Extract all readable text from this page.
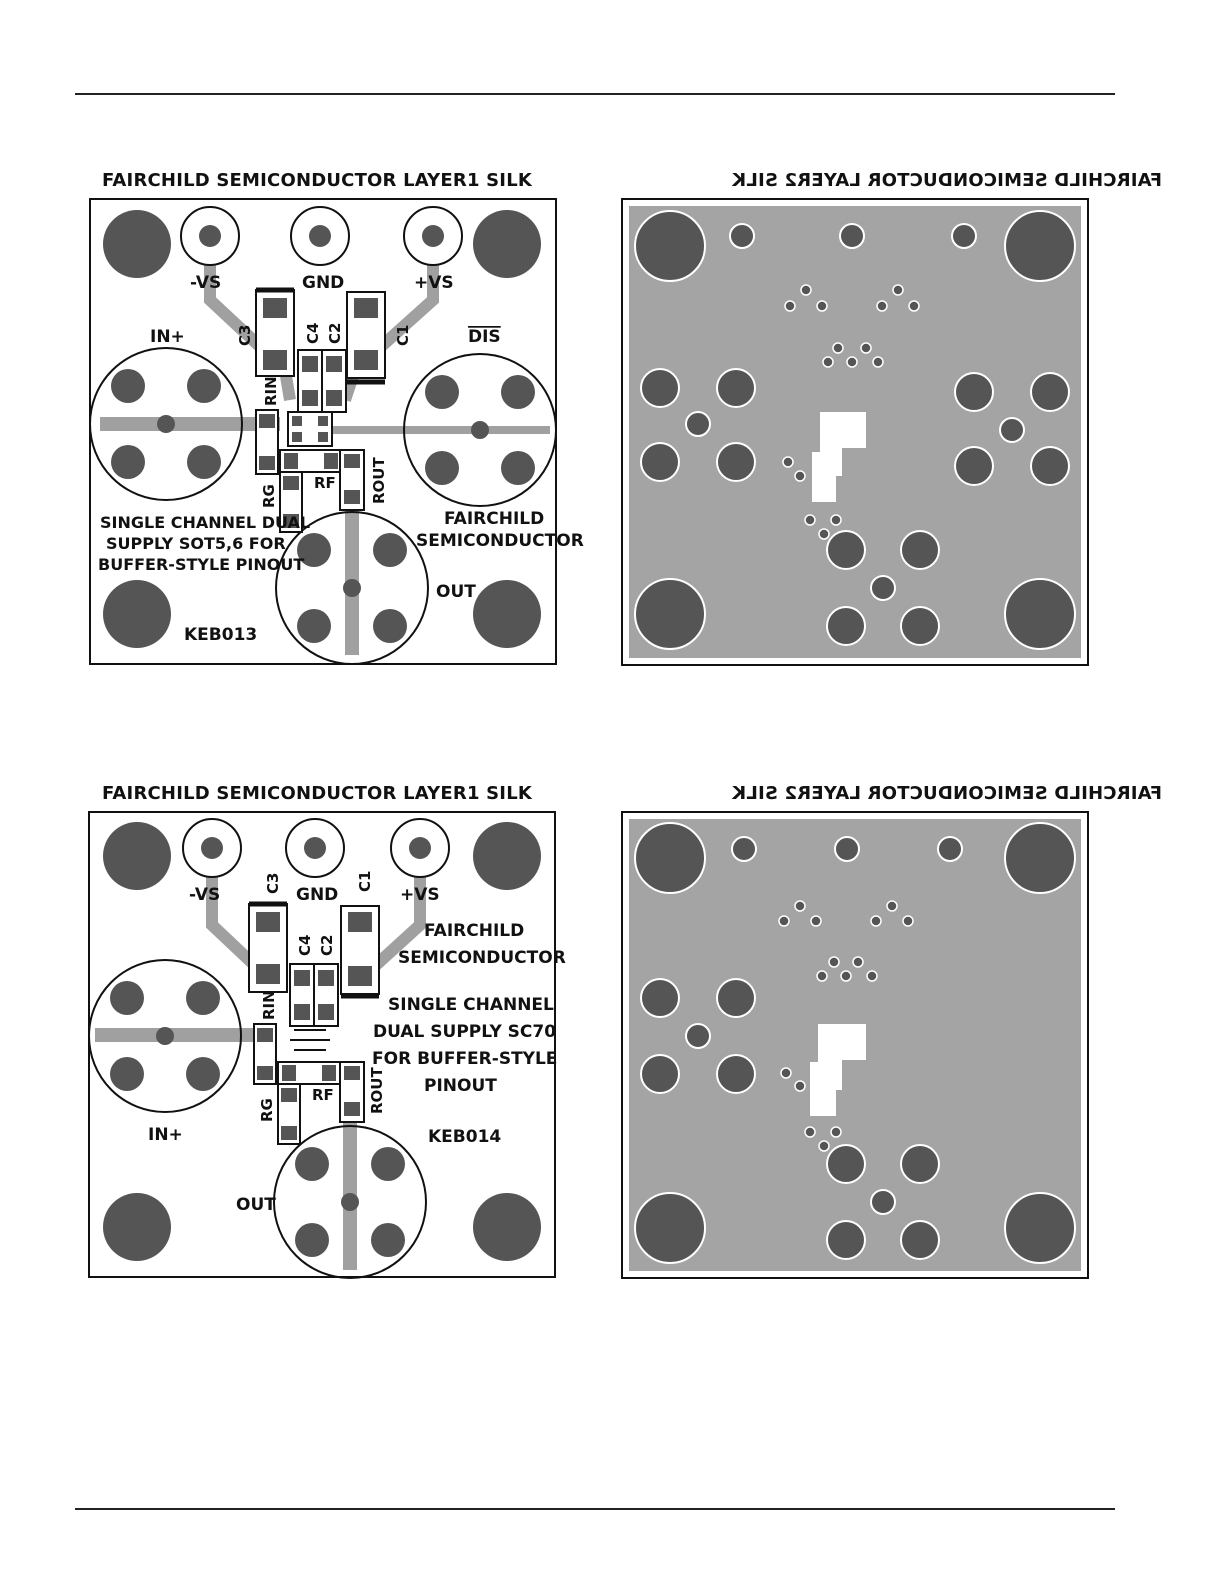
FAIRCHILD SEMICONDUCTOR LAYER1 SILK	FAIRCHILD SEMICONDUCTOR LAYER2 SILK
FAIRCHILD SEMICONDUCTOR LAYER1 SILK	FAIRCHILD SEMICONDUCTOR LAYER2 SILK
-VS	GND	+VS
IN+	DIS
C3	C4 C2	C1
RIN
RG
RF ROUT
SINGLE CHANNEL DUAL
SUPPLY SOT5,6 FOR
BUFFER-STYLE PINOUT
FAIRCHILD
SEMICONDUCTOR
OUT
KEB013
-VS	GND	+VS
C3	C1
C4 C2
RIN
RG
RF ROUT
IN+
FAIRCHILD
SEMICONDUCTOR
SINGLE CHANNEL
DUAL SUPPLY SC70
FOR BUFFER-STYLE
PINOUT
KEB014
OUT
